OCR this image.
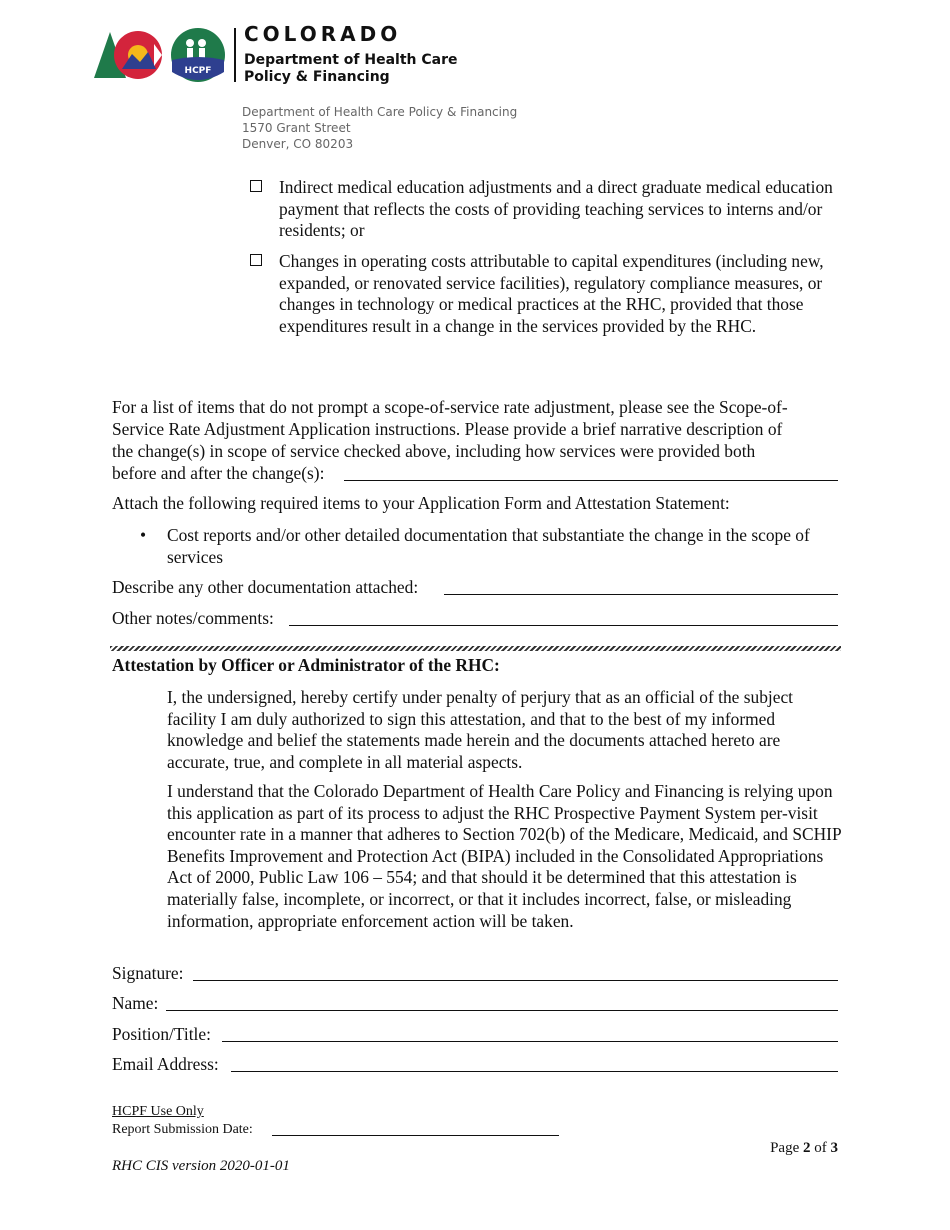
HCPF
COLORADO
Department of Health Care
Policy & Financing
Department of Health Care Policy & Financing
1570 Grant Street
Denver, CO 80203
Indirect medical education adjustments and a direct graduate medical education payment that reflects the costs of providing teaching services to interns and/or residents; or
Changes in operating costs attributable to capital expenditures (including new, expanded, or renovated service facilities), regulatory compliance measures, or changes in technology or medical practices at the RHC, provided that those expenditures result in a change in the services provided by the RHC.
For a list of items that do not prompt a scope-of-service rate adjustment, please see the Scope-of-
Service Rate Adjustment Application instructions. Please provide a brief narrative description of
the change(s) in scope of service checked above, including how services were provided both
before and after the change(s):
Attach the following required items to your Application Form and Attestation Statement:
•	Cost reports and/or other detailed documentation that substantiate the change in the scope of services
Describe any other documentation attached:
Other notes/comments:
Attestation by Officer or Administrator of the RHC:
I, the undersigned, hereby certify under penalty of perjury that as an official of the subject facility I am duly authorized to sign this attestation, and that to the best of my informed knowledge and belief the statements made herein and the documents attached hereto are accurate, true, and complete in all material aspects.
I understand that the Colorado Department of Health Care Policy and Financing is relying upon this application as part of its process to adjust the RHC Prospective Payment System per-visit encounter rate in a manner that adheres to Section 702(b) of the Medicare, Medicaid, and SCHIP Benefits Improvement and Protection Act (BIPA) included in the Consolidated Appropriations Act of 2000, Public Law 106 – 554; and that should it be determined that this attestation is materially false, incomplete, or incorrect, or that it includes incorrect, false, or misleading information, appropriate enforcement action will be taken.
Signature:
Name:
Position/Title:
Email Address:
HCPF Use Only
Report Submission Date:
Page 2 of 3
RHC CIS version 2020-01-01
